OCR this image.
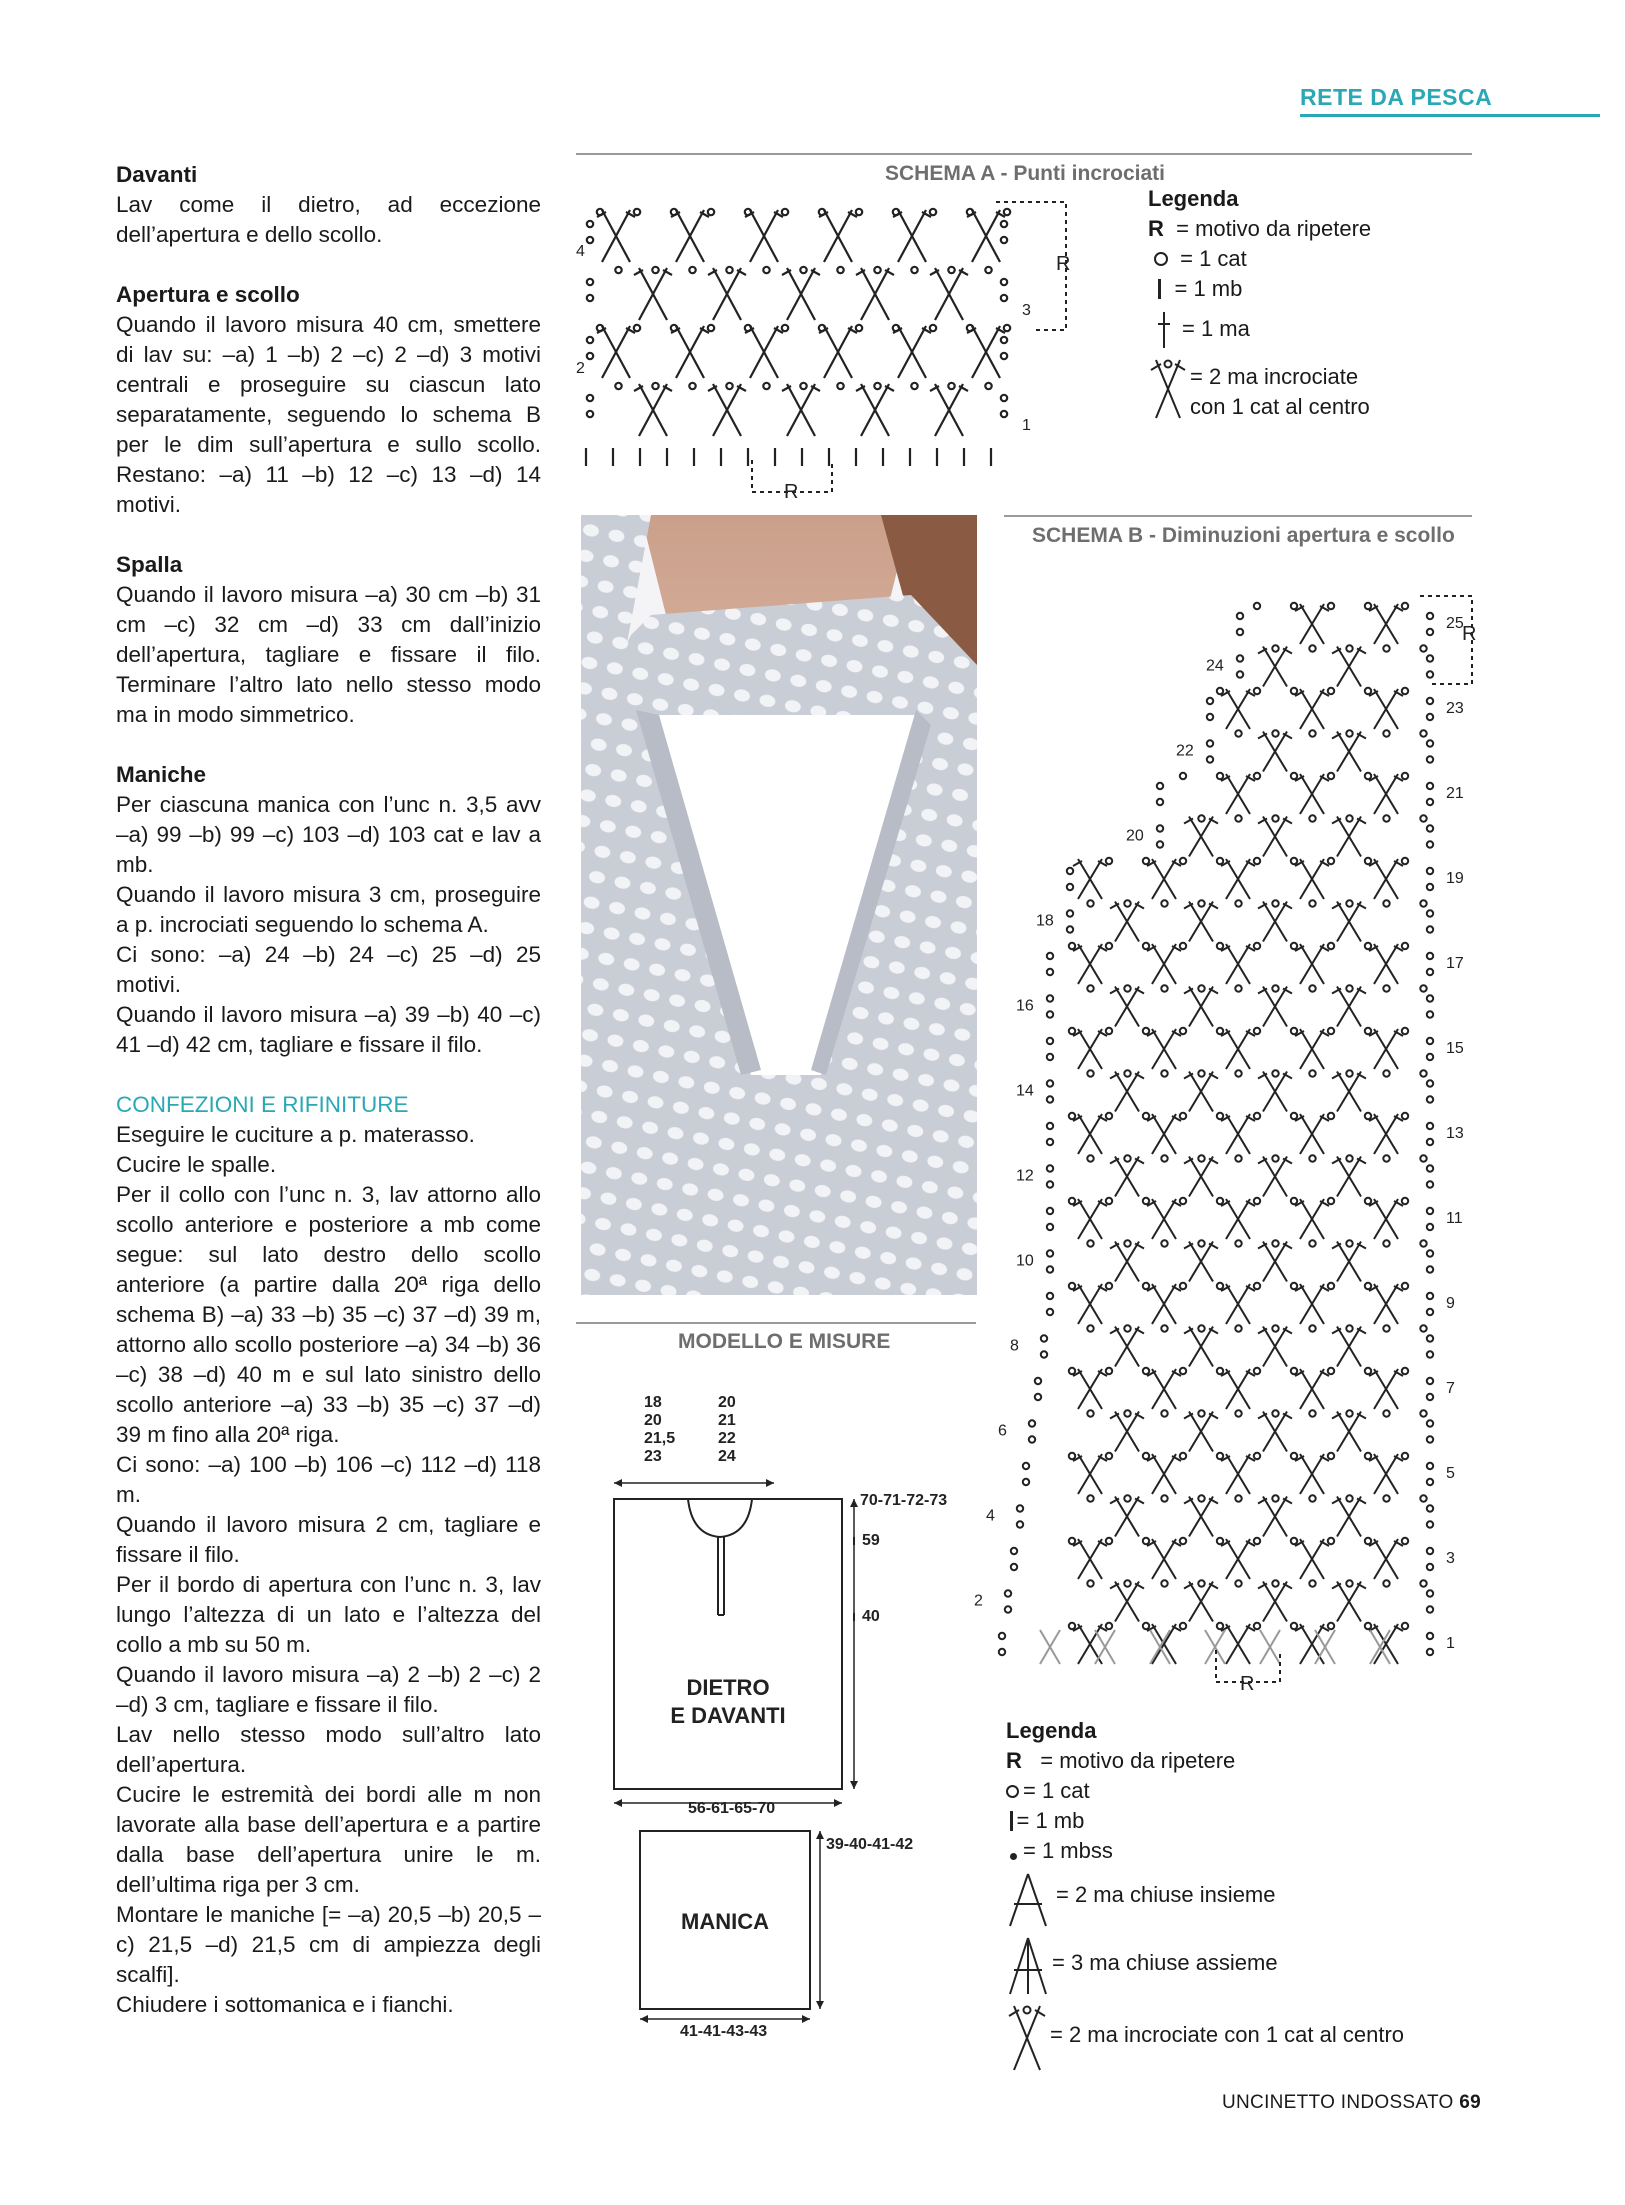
RETE DA PESCA

Davanti
Lav come il dietro, ad eccezione dell’apertura e dello scollo.

Apertura e scollo
Quando il lavoro misura 40 cm, smettere di lav su: –a) 1 –b) 2 –c) 2 –d) 3 motivi centrali e proseguire su ciascun lato separatamente, seguendo lo schema B per le dim sull’apertura e sullo scollo. Restano: –a) 11 –b) 12 –c) 13 –d) 14 motivi.

Spalla
Quando il lavoro misura –a) 30 cm –b) 31 cm –c) 32 cm –d) 33 cm dall’inizio dell’apertura, tagliare e fissare il filo. Terminare l’altro lato nello stesso modo ma in modo simmetrico.

Maniche
Per ciascuna manica con l’unc n. 3,5 avv –a) 99 –b) 99 –c) 103 –d) 103 cat e lav a mb.
Quando il lavoro misura 3 cm, proseguire a p. incrociati seguendo lo schema A.
Ci sono: –a) 24 –b) 24 –c) 25 –d) 25 motivi.
Quando il lavoro misura –a) 39 –b) 40 –c) 41 –d) 42 cm, tagliare e fissare il filo.

CONFEZIONI E RIFINITURE
Eseguire le cuciture a p. materasso.
Cucire le spalle.
Per il collo con l’unc n. 3, lav attorno allo scollo anteriore e posteriore a mb come segue: sul lato destro dello scollo anteriore (a partire dalla 20ª riga dello schema B) –a) 33 –b) 35 –c) 37 –d) 39 m, attorno allo scollo posteriore –a) 34 –b) 36 –c) 38 –d) 40 m e sul lato sinistro dello scollo anteriore –a) 33 –b) 35 –c) 37 –d) 39 m fino alla 20ª riga.
Ci sono: –a) 100 –b) 106 –c) 112 –d) 118 m.
Quando il lavoro misura 2 cm, tagliare e fissare il filo.
Per il bordo di apertura con l’unc n. 3, lav lungo l’altezza di un lato e l’altezza del collo a mb su 50 m.
Quando il lavoro misura –a) 2 –b) 2 –c) 2 –d) 3 cm, tagliare e fissare il filo.
Lav nello stesso modo sull’altro lato dell’apertura.
Cucire le estremità dei bordi alle m non lavorate alla base dell’apertura e a partire dalla base dell’apertura unire le m. dell’ultima riga per 3 cm.
Montare le maniche [= –a) 20,5 –b) 20,5 –c) 21,5 –d) 21,5 cm di ampiezza degli scalfi].
Chiudere i sottomanica e i fianchi.

SCHEMA A - Punti incrociati
4
3
2
1
R
R
Legenda
R = motivo da ripetere
= 1 cat
= 1 mb
= 1 ma
= 2 ma incrociate con 1 cat al centro
SCHEMA B - Diminuzioni apertura e scollo
25
24
23
22
21
20
19
18
17
16
15
14
13
12
11
10
9
8
7
6
5
4
3
2
1
R
R
Legenda
R = motivo da ripetere
= 1 cat
= 1 mb
= 1 mbss
= 2 ma chiuse insieme
= 3 ma chiuse assieme
= 2 ma incrociate con 1 cat al centro
MODELLO E MISURE
18
20
21,5
23
20
21
22
24
70-71-72-73
59
40
56-61-65-70
39-40-41-42
41-41-43-43
DIETRO
E DAVANTI
MANICA
UNCINETTO INDOSSATO 69
